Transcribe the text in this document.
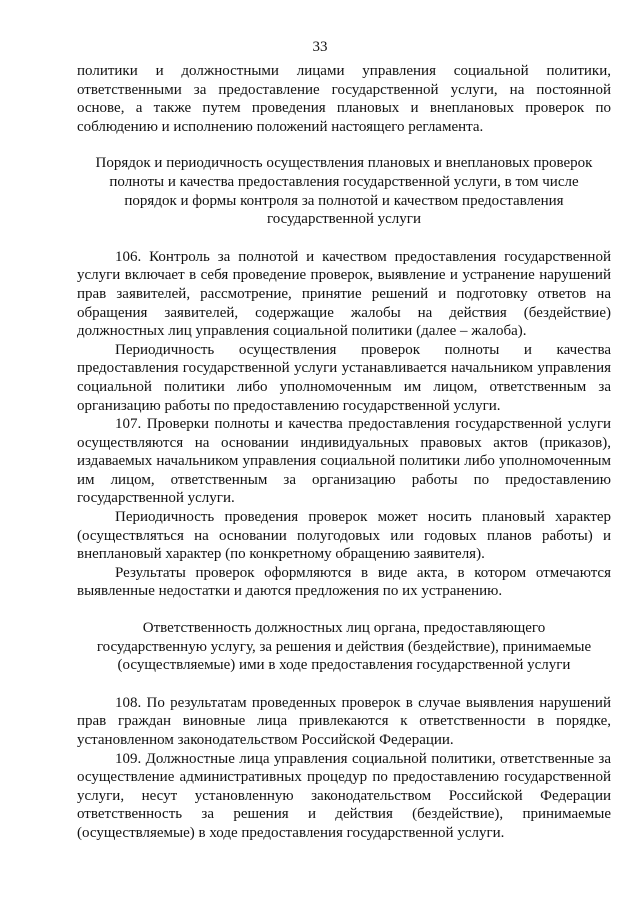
33

политики и должностными лицами управления социальной политики, ответственными за предоставление государственной услуги, на постоянной основе, а также путем проведения плановых и внеплановых проверок по соблюдению и исполнению положений настоящего регламента.

Порядок и периодичность осуществления плановых и внеплановых проверок полноты и качества предоставления государственной услуги, в том числе порядок и формы контроля за полнотой и качеством предоставления государственной услуги

106. Контроль за полнотой и качеством предоставления государственной услуги включает в себя проведение проверок, выявление и устранение нарушений прав заявителей, рассмотрение, принятие решений и подготовку ответов на обращения заявителей, содержащие жалобы на действия (бездействие) должностных лиц управления социальной политики (далее – жалоба).

Периодичность осуществления проверок полноты и качества предоставления государственной услуги устанавливается начальником управления социальной политики либо уполномоченным им лицом, ответственным за организацию работы по предоставлению государственной услуги.

107. Проверки полноты и качества предоставления государственной услуги осуществляются на основании индивидуальных правовых актов (приказов), издаваемых начальником управления социальной политики либо уполномоченным им лицом, ответственным за организацию работы по предоставлению государственной услуги.

Периодичность проведения проверок может носить плановый характер (осуществляться на основании полугодовых или годовых планов работы) и внеплановый характер (по конкретному обращению заявителя).

Результаты проверок оформляются в виде акта, в котором отмечаются выявленные недостатки и даются предложения по их устранению.

Ответственность должностных лиц органа, предоставляющего государственную услугу, за решения и действия (бездействие), принимаемые (осуществляемые) ими в ходе предоставления государственной услуги

108. По результатам проведенных проверок в случае выявления нарушений прав граждан виновные лица привлекаются к ответственности в порядке, установленном законодательством Российской Федерации.

109. Должностные лица управления социальной политики, ответственные за осуществление административных процедур по предоставлению государственной услуги, несут установленную законодательством Российской Федерации ответственность за решения и действия (бездействие), принимаемые (осуществляемые) в ходе предоставления государственной услуги.
